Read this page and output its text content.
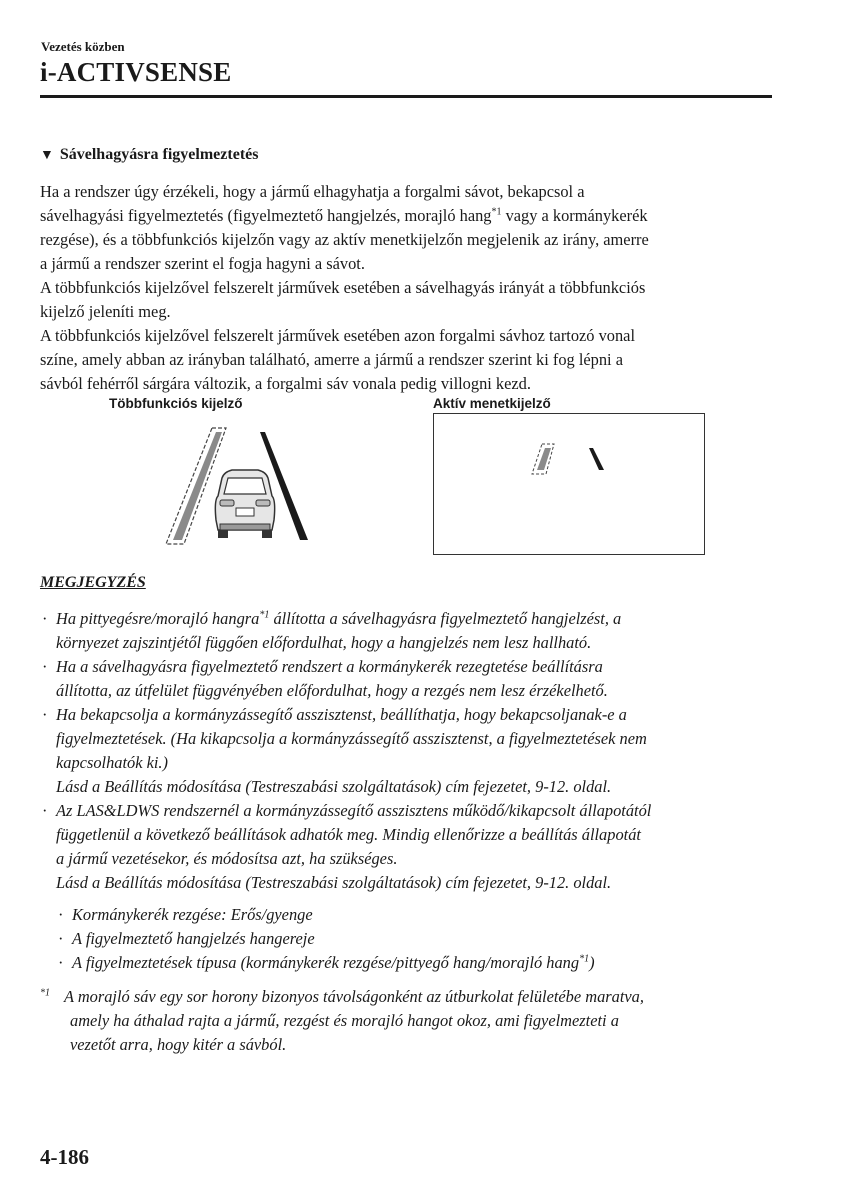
Vezetés közben
i-ACTIVSENSE
▼ Sávelhagyásra figyelmeztetés

Ha a rendszer úgy érzékeli, hogy a jármű elhagyhatja a forgalmi sávot, bekapcsol a

sávelhagyási figyelmeztetés (figyelmeztető hangjelzés, morajló hang$^{*1}$ vagy a kormánykerék

rezgése), és a többfunkciós kijelzőn vagy az aktív menetkijelzőn megjelenik az irány, amerre

a jármű a rendszer szerint el fogja hagyni a sávot.

A többfunkciós kijelzővel felszerelt járművek esetében a sávelhagyás irányát a többfunkciós

kijelző jeleníti meg.

A többfunkciós kijelzővel felszerelt járművek esetében azon forgalmi sávhoz tartozó vonal

színe, amely abban az irányban található, amerre a jármű a rendszer szerint ki fog lépni a

sávból fehérről sárgára változik, a forgalmi sáv vonala pedig villogni kezd.

Többfunkciós kijelző	Aktív menetkijelző
MEGJEGYZÉS

· Ha pittyegésre/morajló hangra$^{*1}$ állította a sávelhagyásra figyelmeztető hangjelzést, a

környezet zajszintjétől függően előfordulhat, hogy a hangjelzés nem lesz hallható.

· Ha a sávelhagyásra figyelmeztető rendszert a kormánykerék rezegtetése beállításra

állította, az útfelület függvényében előfordulhat, hogy a rezgés nem lesz érzékelhető.

· Ha bekapcsolja a kormányzássegítő asszisztenst, beállíthatja, hogy bekapcsoljanak-e a

figyelmeztetések. (Ha kikapcsolja a kormányzássegítő asszisztenst, a figyelmeztetések nem

kapcsolhatók ki.)

Lásd a Beállítás módosítása (Testreszabási szolgáltatások) cím fejezetet, 9-12. oldal.

· Az LAS&LDWS rendszernél a kormányzássegítő asszisztens működő/kikapcsolt állapotától

függetlenül a következő beállítások adhatók meg. Mindig ellenőrizze a beállítás állapotát

a jármű vezetésekor, és módosítsa azt, ha szükséges.

Lásd a Beállítás módosítása (Testreszabási szolgáltatások) cím fejezetet, 9-12. oldal.

· Kormánykerék rezgése: Erős/gyenge

· A figyelmeztető hangjelzés hangereje

· A figyelmeztetések típusa (kormánykerék rezgése/pittyegő hang/morajló hang$^{*1}$)

$^{*1}$ A morajló sáv egy sor horony bizonyos távolságonként az útburkolat felületébe maratva,

amely ha áthalad rajta a jármű, rezgést és morajló hangot okoz, ami figyelmezteti a

vezetőt arra, hogy kitér a sávból.

4-186
